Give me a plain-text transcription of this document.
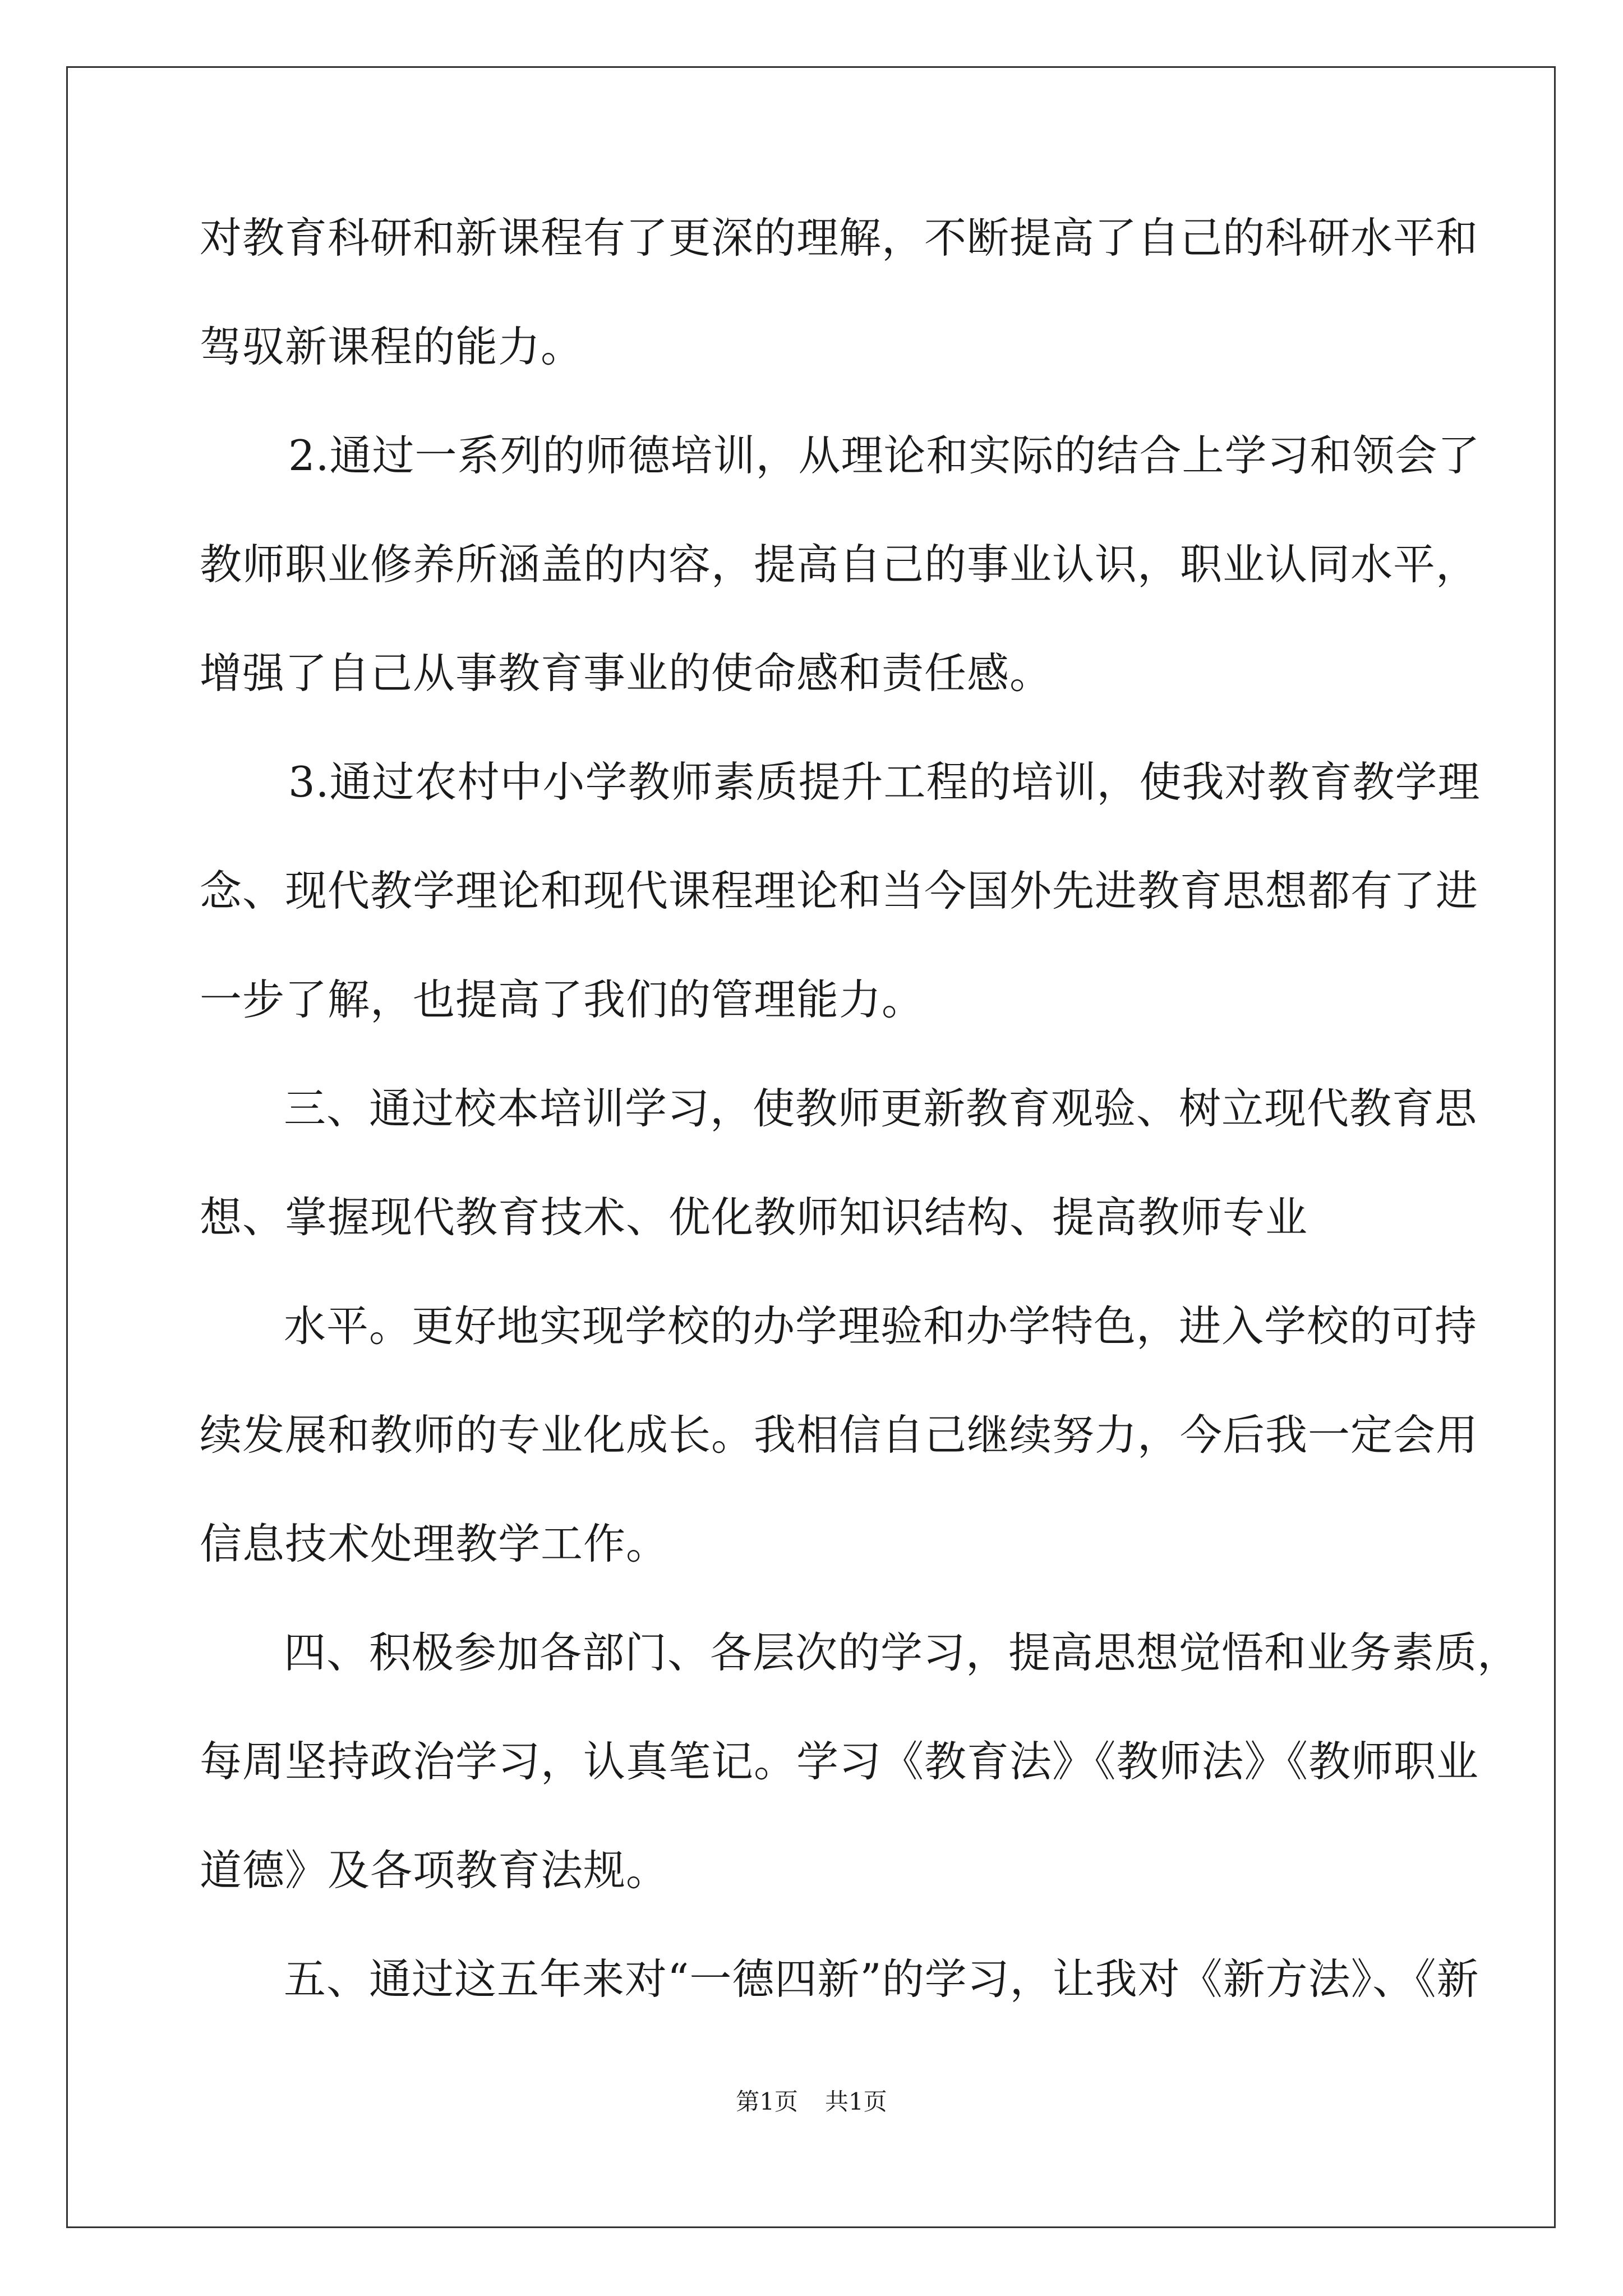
对教育科研和新课程有了更深的理解，不断提高了自己的科研水平和
驾驭新课程的能力。
2.通过一系列的师德培训，从理论和实际的结合上学习和领会了
教师职业修养所涵盖的内容，提高自己的事业认识，职业认同水平，
增强了自己从事教育事业的使命感和责任感。
3.通过农村中小学教师素质提升工程的培训，使我对教育教学理
念、现代教学理论和现代课程理论和当今国外先进教育思想都有了进
一步了解，也提高了我们的管理能力。
三、通过校本培训学习，使教师更新教育观验、树立现代教育思
想、掌握现代教育技术、优化教师知识结构、提高教师专业
水平。更好地实现学校的办学理验和办学特色，进入学校的可持
续发展和教师的专业化成长。我相信自己继续努力，今后我一定会用
信息技术处理教学工作。
四、积极参加各部门、各层次的学习，提高思想觉悟和业务素质，
每周坚持政治学习，认真笔记。学习《教育法》《教师法》《教师职业
道德》及各项教育法规。
五、通过这五年来对“一德四新”的学习，让我对《新方法》、《新
第1页 共1页
